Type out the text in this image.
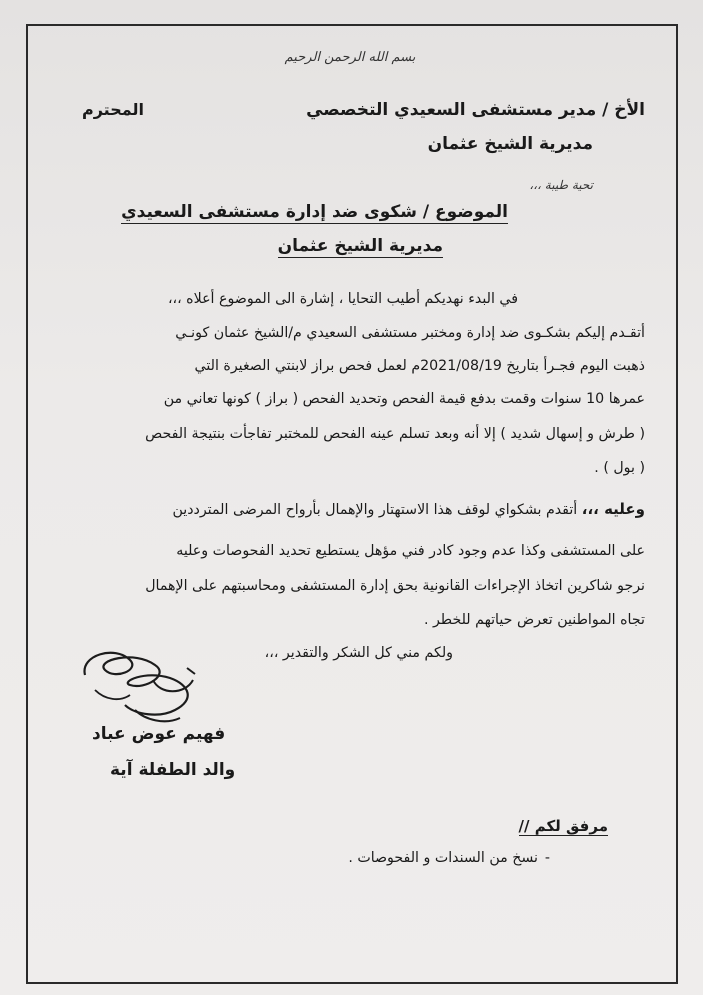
بسم الله الرحمن الرحيم
الأخ / مدير مستشفى السعيدي التخصصي
المحترم
مديرية الشيخ عثمان
تحية طيبة ،،،
الموضوع / شكوى ضد إدارة مستشفى السعيدي
مديرية الشيخ عثمان
في البدء نهديكم أطيب التحايا ، إشارة الى الموضوع أعلاه ،،،
أتقـدم إليكم بشكـوى ضد إدارة ومختبر مستشفى السعيدي م/الشيخ عثمان كونـي
ذهبت اليوم فجـرأ بتاريخ 2021/08/19م لعمل فحص براز لابنتي الصغيرة التي
عمرها 10 سنوات وقمت بدفع قيمة الفحص وتحديد الفحص ( براز ) كونها تعاني من
( طرش و إسهال شديد ) إلا أنه وبعد تسلم عينه الفحص للمختبر تفاجأت بنتيجة الفحص
( بول ) .
وعليه ،،، أتقدم بشكواي لوقف هذا الاستهتار والإهمال بأرواح المرضى المترددين
على المستشفى وكذا عدم وجود كادر فني مؤهل يستطيع تحديد الفحوصات وعليه
نرجو شاكرين اتخاذ الإجراءات القانونية بحق إدارة المستشفى ومحاسبتهم على الإهمال
تجاه المواطنين تعرض حياتهم للخطر .
ولكم مني كل الشكر والتقدير ،،،
فهيم عوض عباد
والد الطفلة آية
مرفق لكم //
-
نسخ من السندات و الفحوصات .
